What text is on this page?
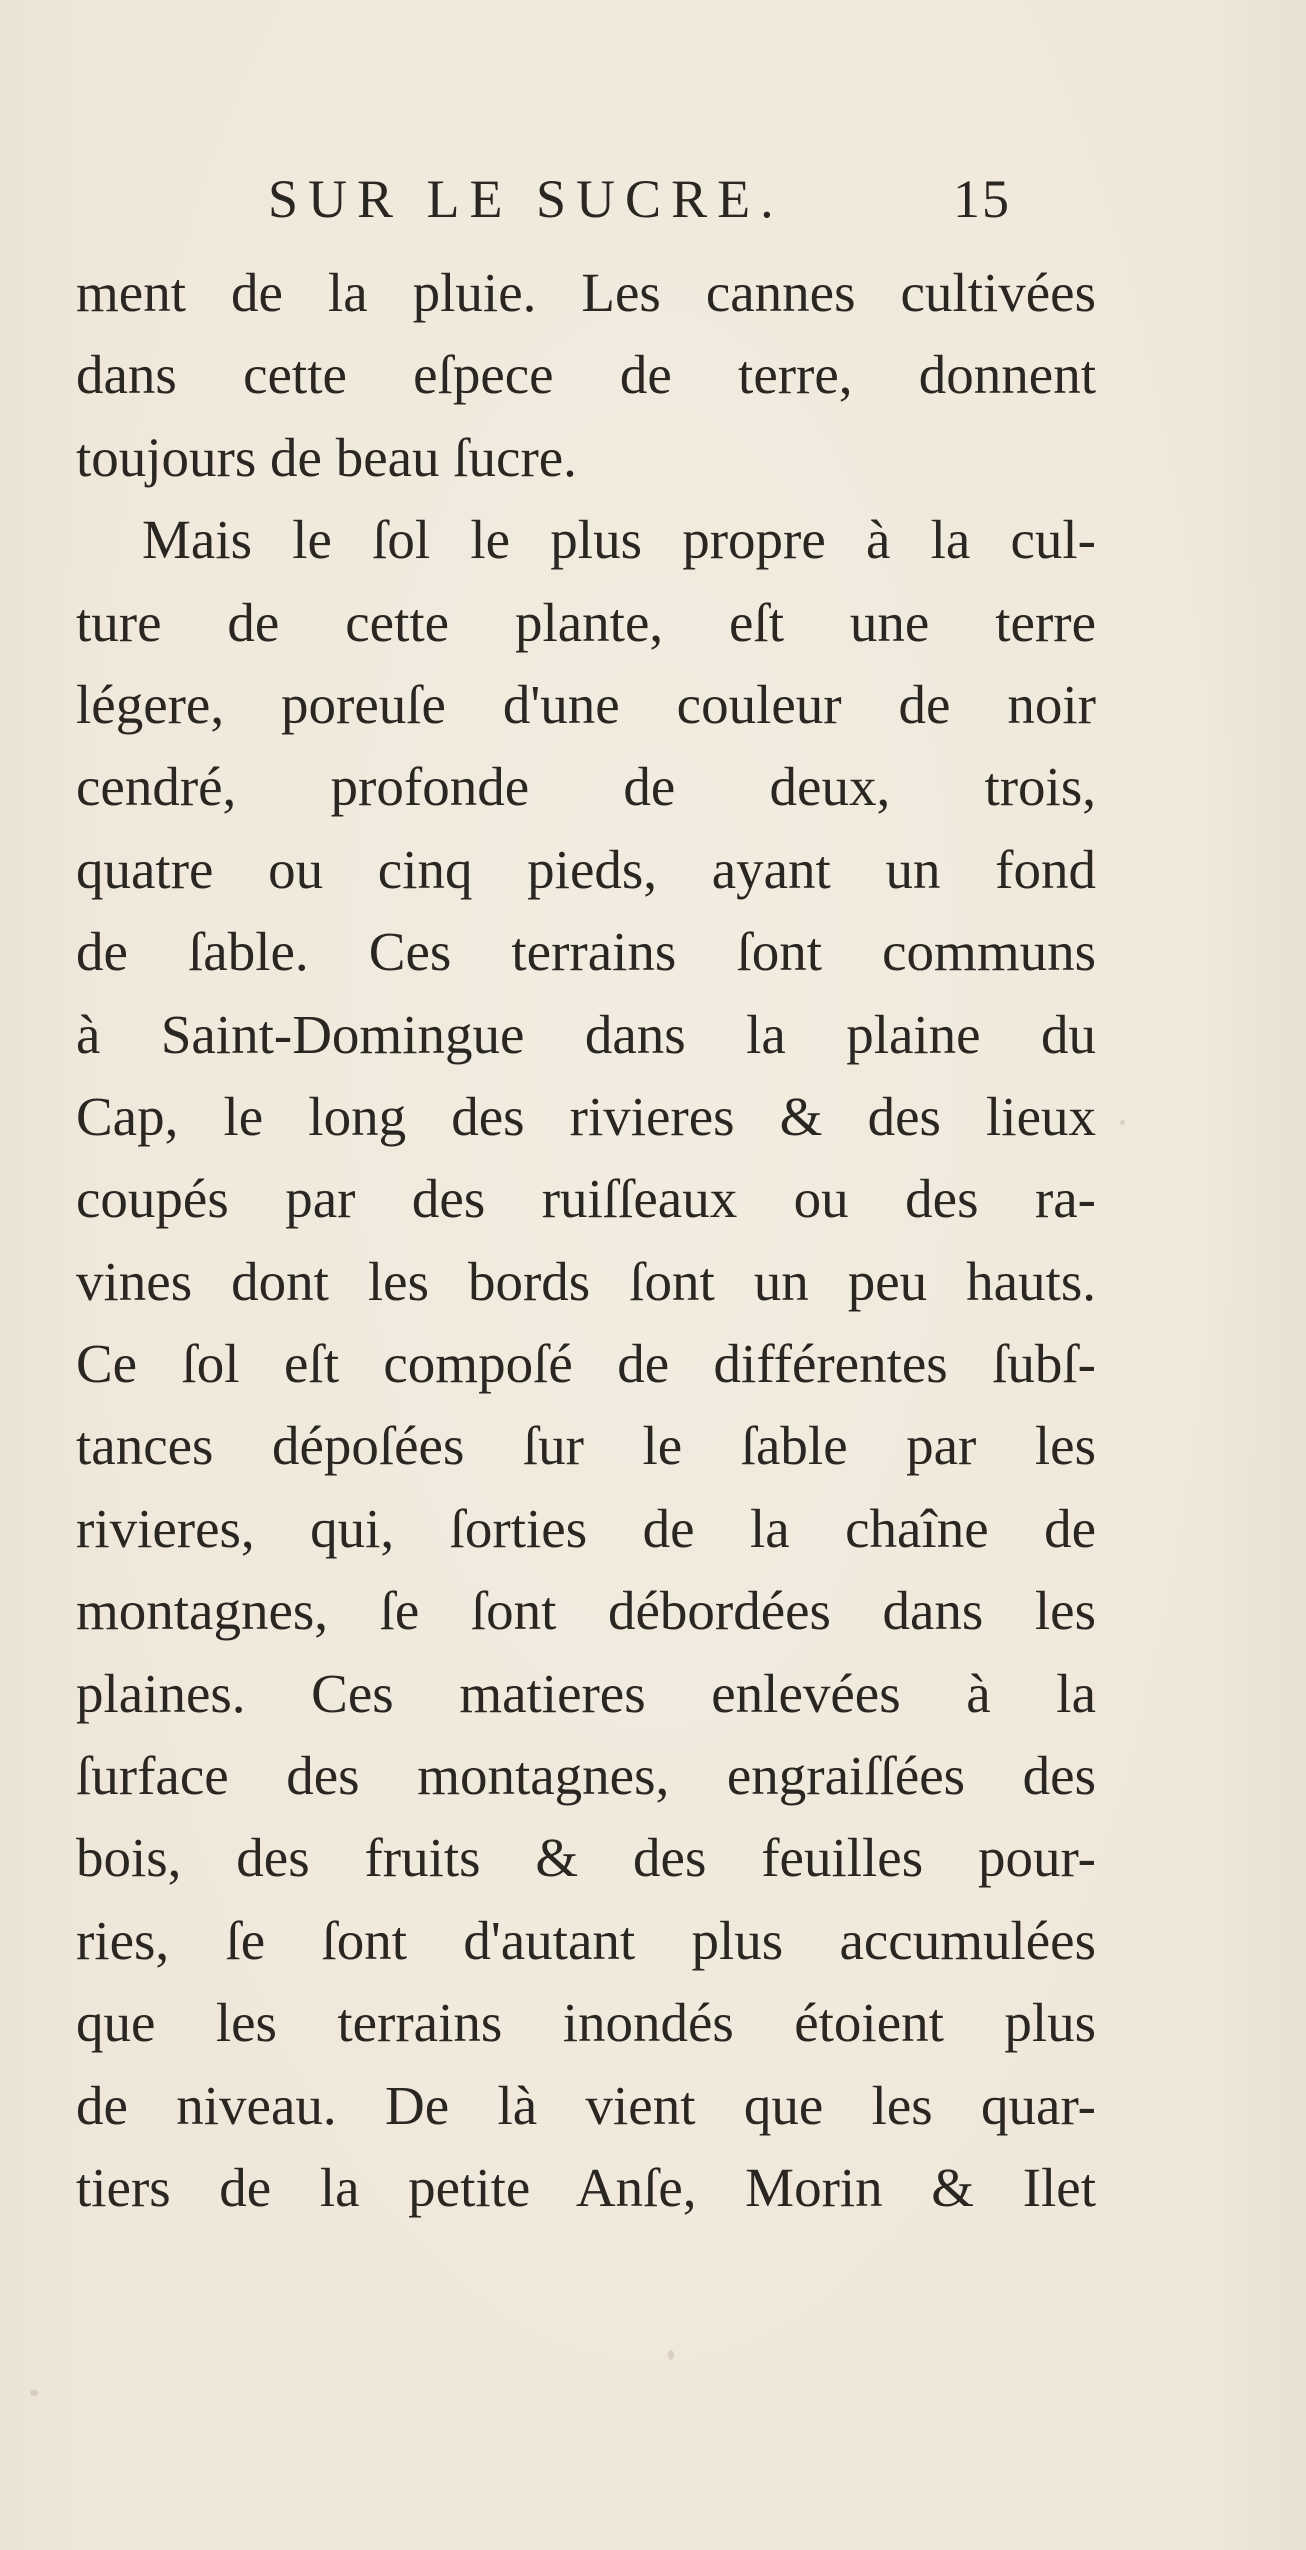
SUR LE SUCRE.	15
ment de la pluie. Les cannes cultivées
dans cette eſpece de terre, donnent
toujours de beau ſucre.
Mais le ſol le plus propre à la cul-
ture de cette plante, eſt une terre
légere, poreuſe d'une couleur de noir
cendré, profonde de deux, trois,
quatre ou cinq pieds, ayant un fond
de ſable. Ces terrains ſont communs
à Saint-Domingue dans la plaine du
Cap, le long des rivieres & des lieux
coupés par des ruiſſeaux ou des ra-
vines dont les bords ſont un peu hauts.
Ce ſol eſt compoſé de différentes ſubſ-
tances dépoſées ſur le ſable par les
rivieres, qui, ſorties de la chaîne de
montagnes, ſe ſont débordées dans les
plaines. Ces matieres enlevées à la
ſurface des montagnes, engraiſſées des
bois, des fruits & des feuilles pour-
ries, ſe ſont d'autant plus accumulées
que les terrains inondés étoient plus
de niveau. De là vient que les quar-
tiers de la petite Anſe, Morin & Ilet
